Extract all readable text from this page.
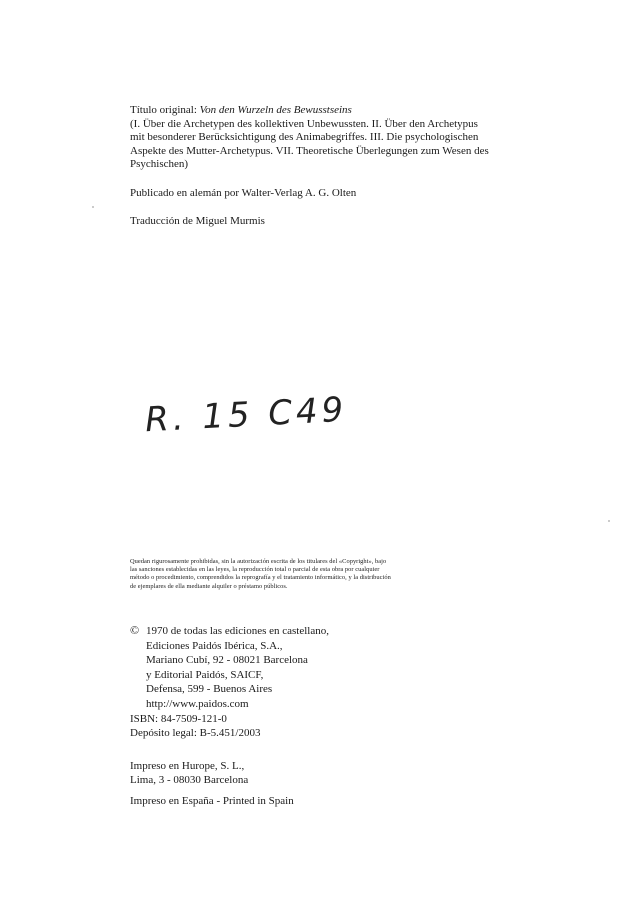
Título original: Von den Wurzeln des Bewusstseins
(I. Über die Archetypen des kollektiven Unbewussten. II. Über den Archetypus
mit besonderer Berücksichtigung des Animabegriffes. III. Die psychologischen
Aspekte des Mutter-Archetypus. VII. Theoretische Überlegungen zum Wesen des
Psychischen)
Publicado en alemán por Walter-Verlag A. G. Olten
Traducción de Miguel Murmis
R. 15 C49
Quedan rigurosamente prohibidas, sin la autorización escrita de los titulares del «Copyright», bajo
las sanciones establecidas en las leyes, la reproducción total o parcial de esta obra por cualquier
método o procedimiento, comprendidos la reprografía y el tratamiento informático, y la distribución
de ejemplares de ella mediante alquiler o préstamo públicos.
© 1970 de todas las ediciones en castellano,
Ediciones Paidós Ibérica, S.A.,
Mariano Cubí, 92 - 08021 Barcelona
y Editorial Paidós, SAICF,
Defensa, 599 - Buenos Aires
http://www.paidos.com
ISBN: 84-7509-121-0
Depósito legal: B-5.451/2003
Impreso en Hurope, S. L.,
Lima, 3 - 08030 Barcelona
Impreso en España - Printed in Spain
